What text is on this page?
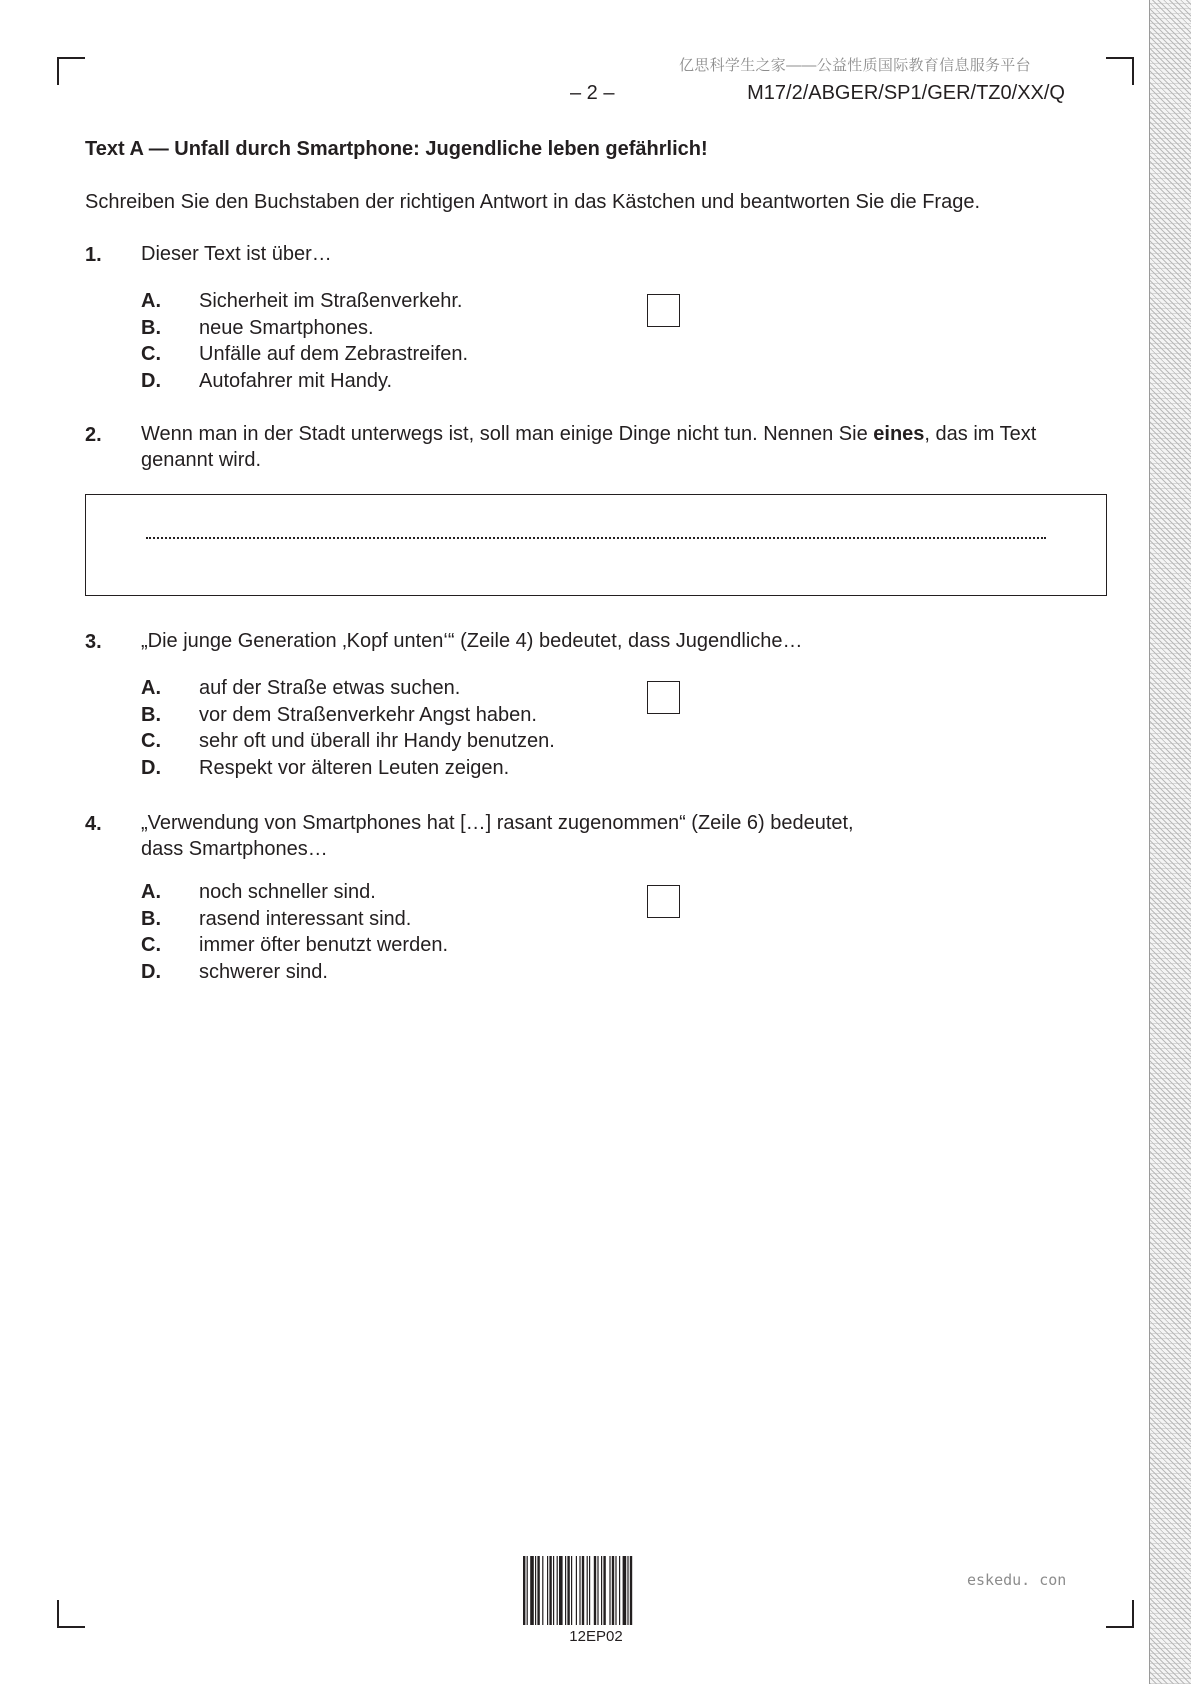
亿思科学生之家——公益性质国际教育信息服务平台
– 2 –	M17/2/ABGER/SP1/GER/TZ0/XX/Q
Text A — Unfall durch Smartphone: Jugendliche leben gefährlich!
Schreiben Sie den Buchstaben der richtigen Antwort in das Kästchen und beantworten Sie die Frage.
1. Dieser Text ist über…
A. Sicherheit im Straßenverkehr.
B. neue Smartphones.
C. Unfälle auf dem Zebrastreifen.
D. Autofahrer mit Handy.
2. Wenn man in der Stadt unterwegs ist, soll man einige Dinge nicht tun. Nennen Sie eines, das im Text genannt wird.
3. „Die junge Generation ‚Kopf unten‘“ (Zeile 4) bedeutet, dass Jugendliche…
A. auf der Straße etwas suchen.
B. vor dem Straßenverkehr Angst haben.
C. sehr oft und überall ihr Handy benutzen.
D. Respekt vor älteren Leuten zeigen.
4. „Verwendung von Smartphones hat […] rasant zugenommen“ (Zeile 6) bedeutet,
dass Smartphones…
A. noch schneller sind.
B. rasend interessant sind.
C. immer öfter benutzt werden.
D. schwerer sind.
12EP02
eskedu. con
